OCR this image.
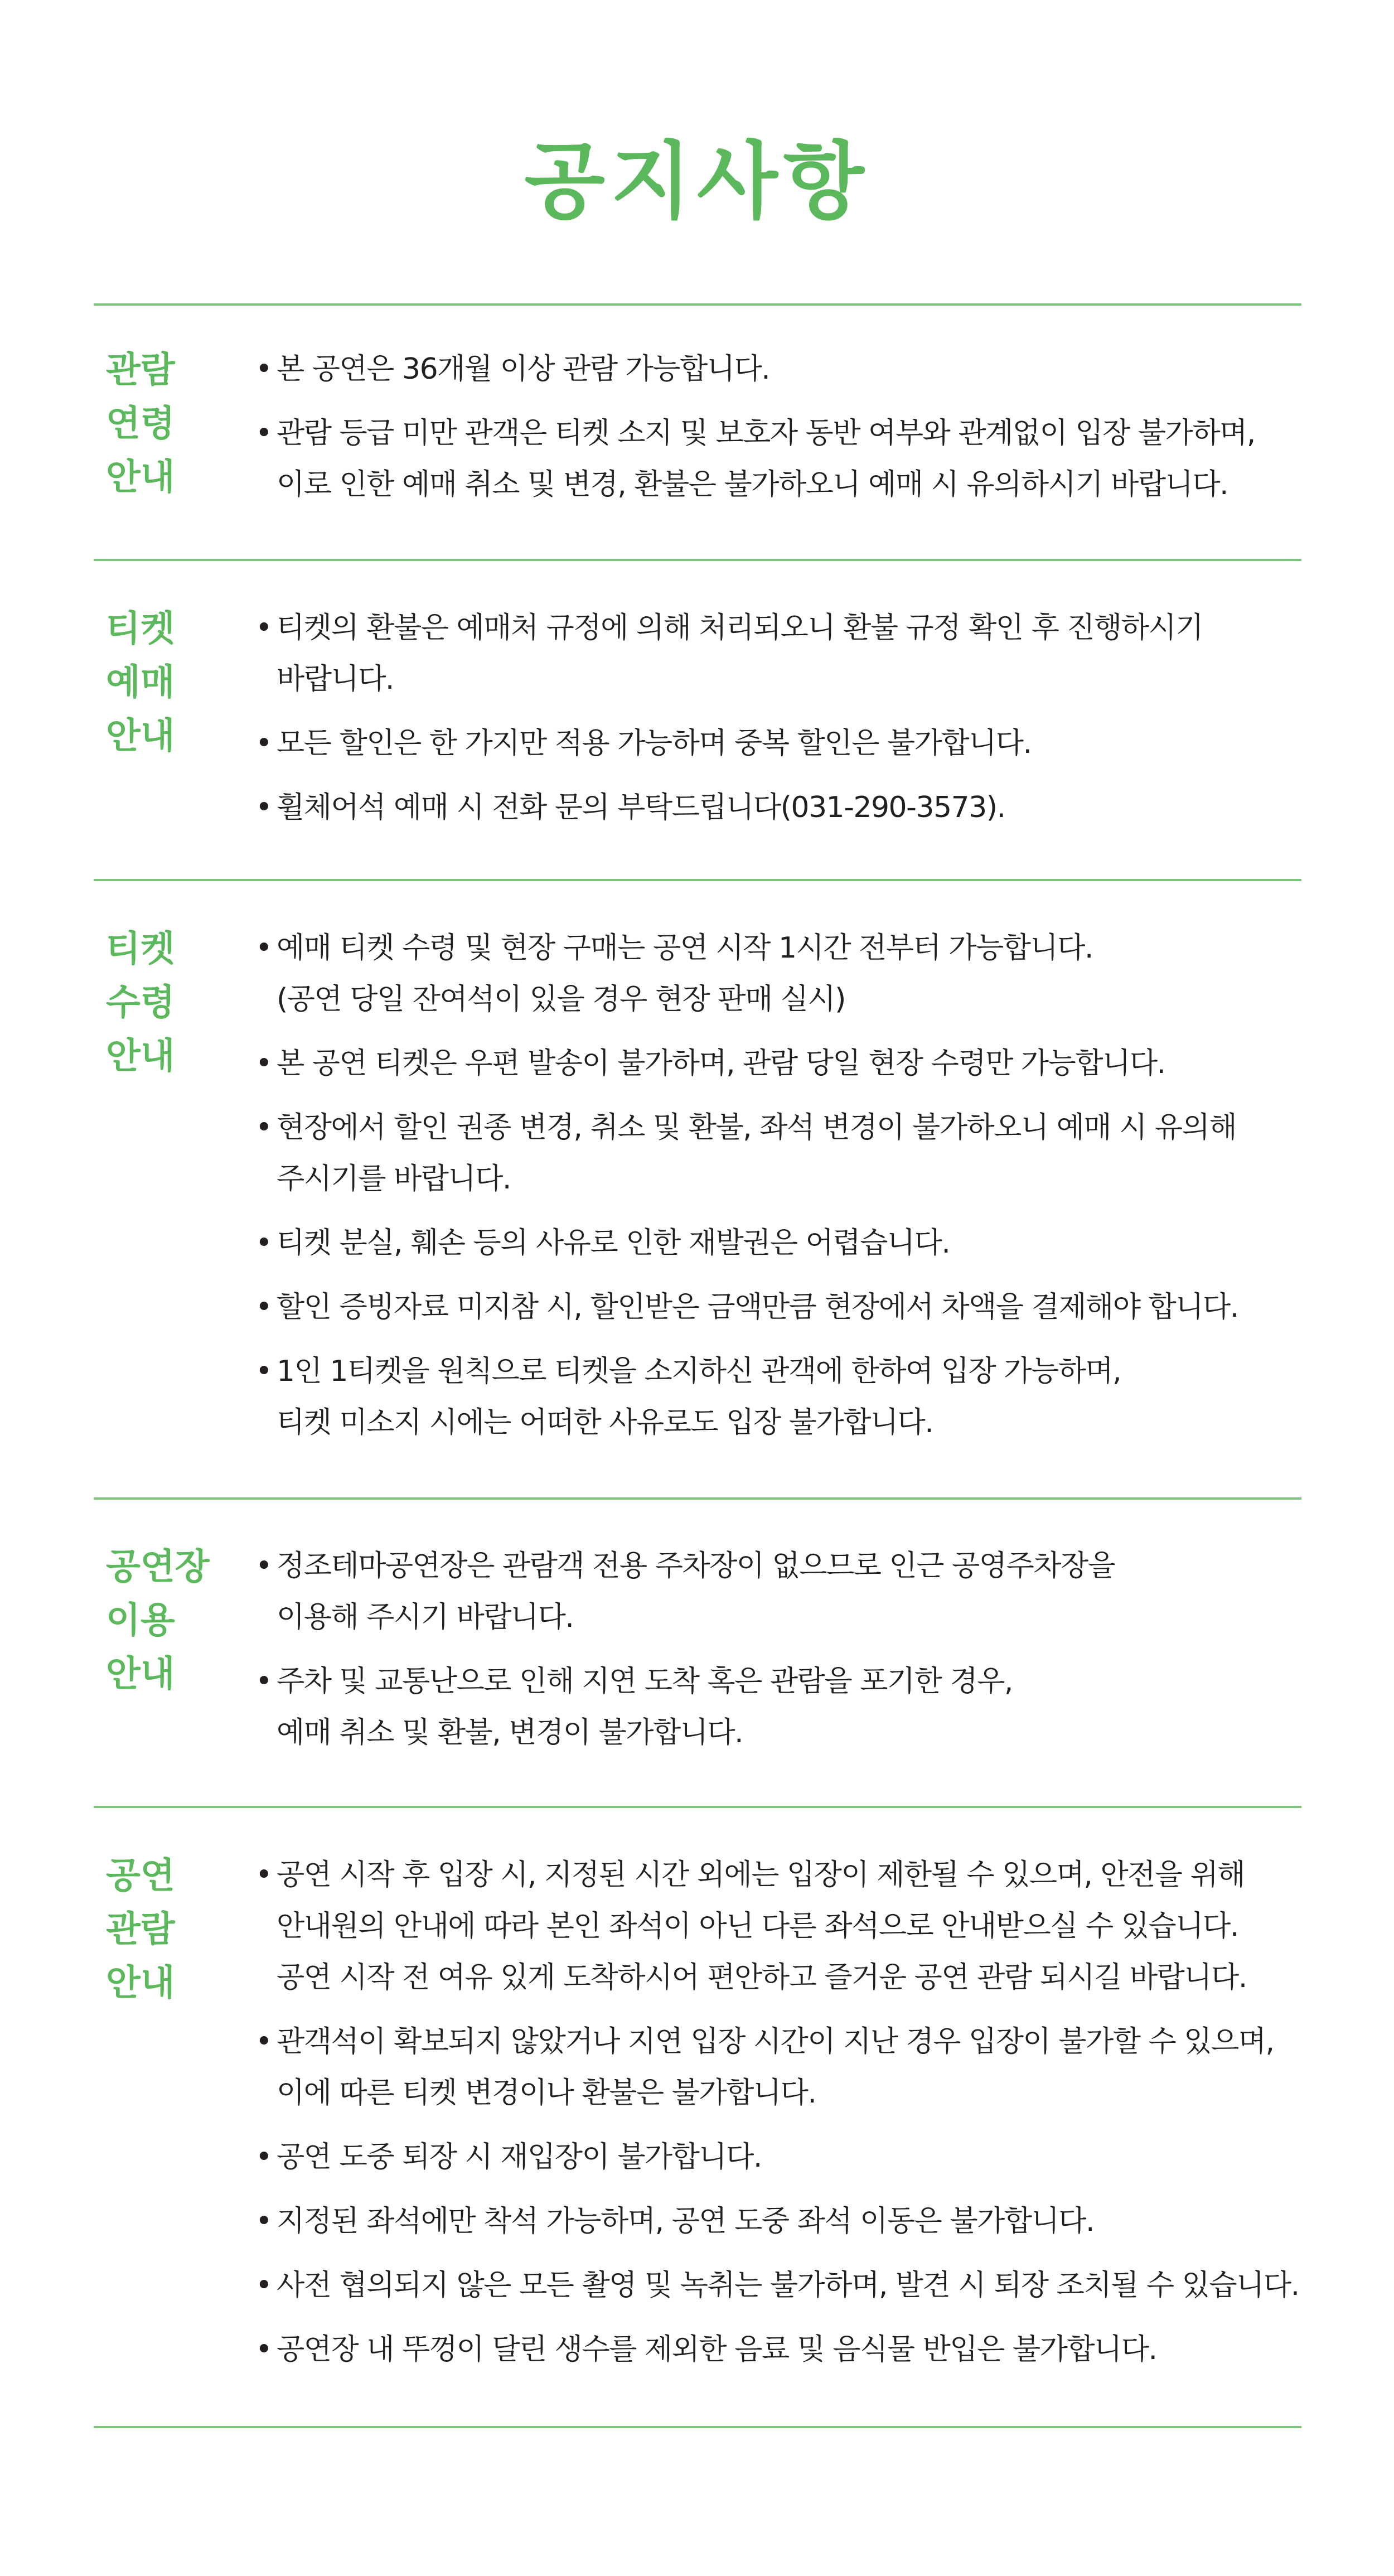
공지사항
관람
연령
안내
• 본 공연은 36개월 이상 관람 가능합니다.
• 관람 등급 미만 관객은 티켓 소지 및 보호자 동반 여부와 관계없이 입장 불가하며,
이로 인한 예매 취소 및 변경, 환불은 불가하오니 예매 시 유의하시기 바랍니다.
티켓
예매
안내
• 티켓의 환불은 예매처 규정에 의해 처리되오니 환불 규정 확인 후 진행하시기
바랍니다.
• 모든 할인은 한 가지만 적용 가능하며 중복 할인은 불가합니다.
• 휠체어석 예매 시 전화 문의 부탁드립니다(031-290-3573).
티켓
수령
안내
• 예매 티켓 수령 및 현장 구매는 공연 시작 1시간 전부터 가능합니다.
(공연 당일 잔여석이 있을 경우 현장 판매 실시)
• 본 공연 티켓은 우편 발송이 불가하며, 관람 당일 현장 수령만 가능합니다.
• 현장에서 할인 권종 변경, 취소 및 환불, 좌석 변경이 불가하오니 예매 시 유의해
주시기를 바랍니다.
• 티켓 분실, 훼손 등의 사유로 인한 재발권은 어렵습니다.
• 할인 증빙자료 미지참 시, 할인받은 금액만큼 현장에서 차액을 결제해야 합니다.
• 1인 1티켓을 원칙으로 티켓을 소지하신 관객에 한하여 입장 가능하며,
티켓 미소지 시에는 어떠한 사유로도 입장 불가합니다.
공연장
이용
안내
• 정조테마공연장은 관람객 전용 주차장이 없으므로 인근 공영주차장을
이용해 주시기 바랍니다.
• 주차 및 교통난으로 인해 지연 도착 혹은 관람을 포기한 경우,
예매 취소 및 환불, 변경이 불가합니다.
공연
관람
안내
• 공연 시작 후 입장 시, 지정된 시간 외에는 입장이 제한될 수 있으며, 안전을 위해
안내원의 안내에 따라 본인 좌석이 아닌 다른 좌석으로 안내받으실 수 있습니다.
공연 시작 전 여유 있게 도착하시어 편안하고 즐거운 공연 관람 되시길 바랍니다.
• 관객석이 확보되지 않았거나 지연 입장 시간이 지난 경우 입장이 불가할 수 있으며,
이에 따른 티켓 변경이나 환불은 불가합니다.
• 공연 도중 퇴장 시 재입장이 불가합니다.
• 지정된 좌석에만 착석 가능하며, 공연 도중 좌석 이동은 불가합니다.
• 사전 협의되지 않은 모든 촬영 및 녹취는 불가하며, 발견 시 퇴장 조치될 수 있습니다.
• 공연장 내 뚜껑이 달린 생수를 제외한 음료 및 음식물 반입은 불가합니다.
